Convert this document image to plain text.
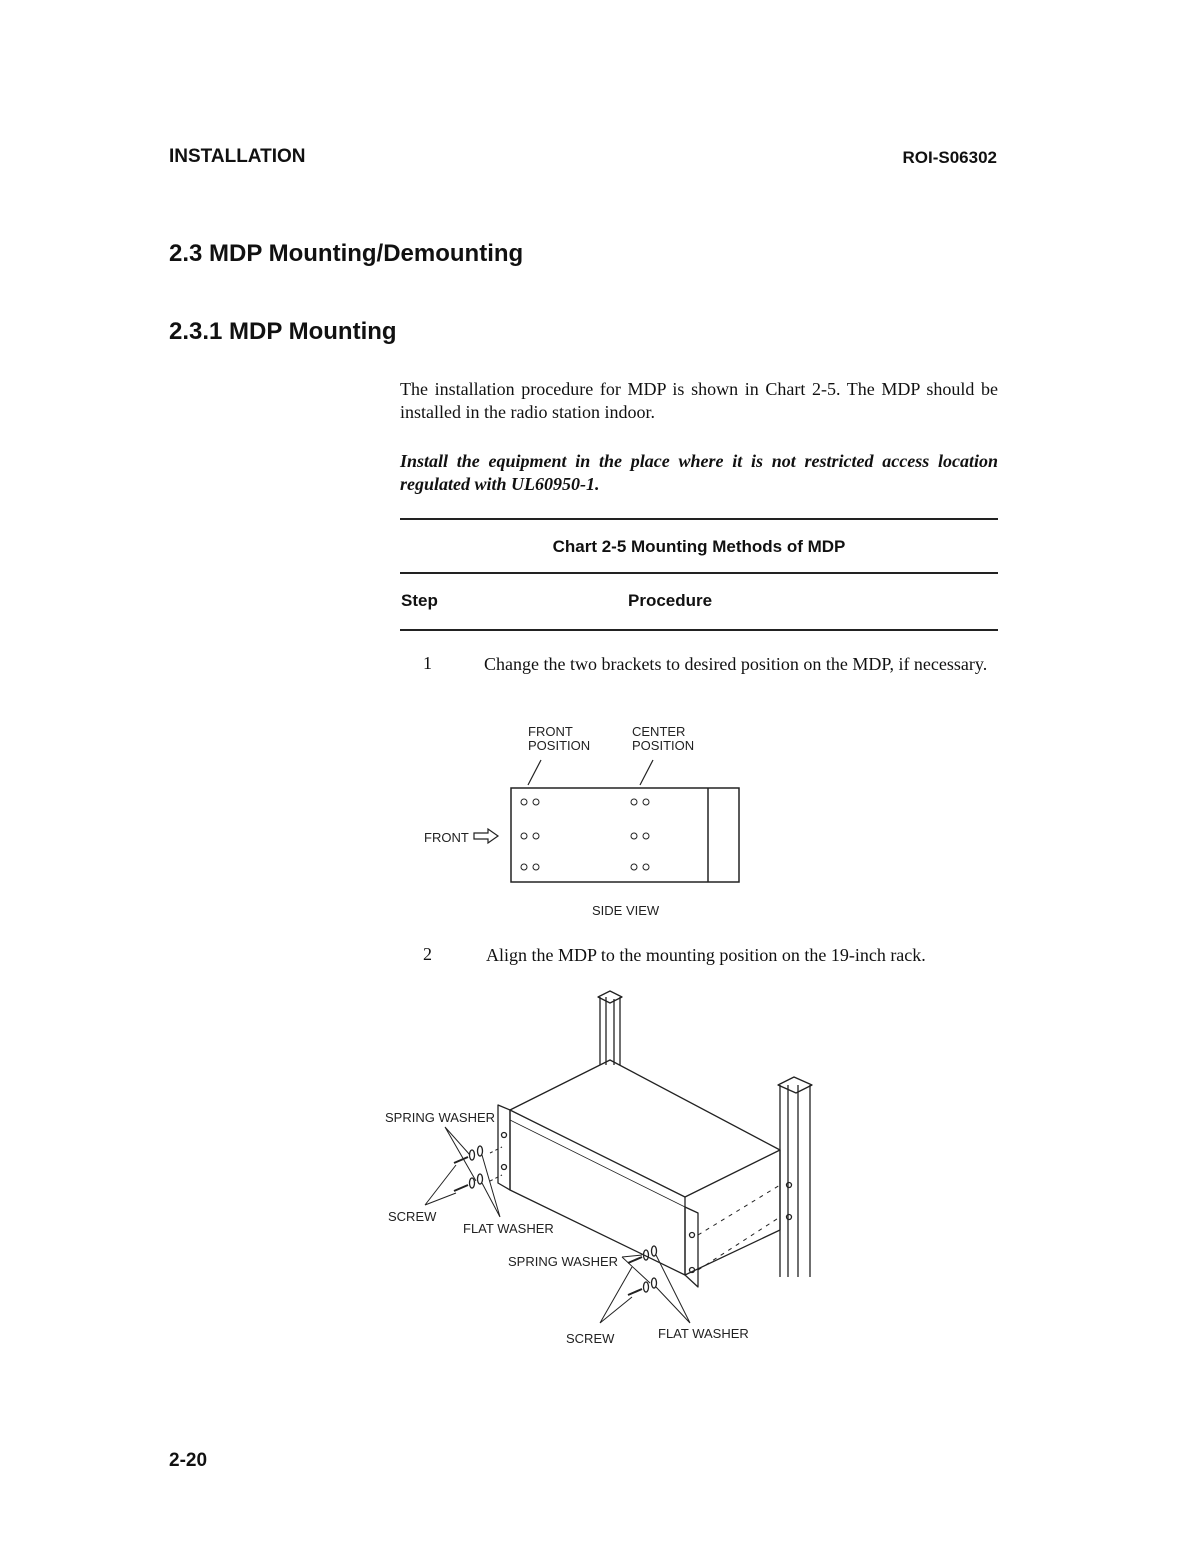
INSTALLATION	ROI-S06302
2.3 MDP Mounting/Demounting
2.3.1 MDP Mounting
The installation procedure for MDP is shown in Chart 2-5. The MDP should be installed in the radio station indoor.
Install the equipment in the place where it is not restricted access location regulated with UL60950-1.
Chart 2-5 Mounting Methods of MDP
Step	Procedure
1	Change the two brackets to desired position on the MDP, if necessary.
FRONT
POSITION
CENTER
POSITION
FRONT
SIDE VIEW
2	Align the MDP to the mounting position on the 19-inch rack.
SPRING WASHER
SCREW
FLAT WASHER
SPRING WASHER
SCREW	FLAT WASHER
2-20
